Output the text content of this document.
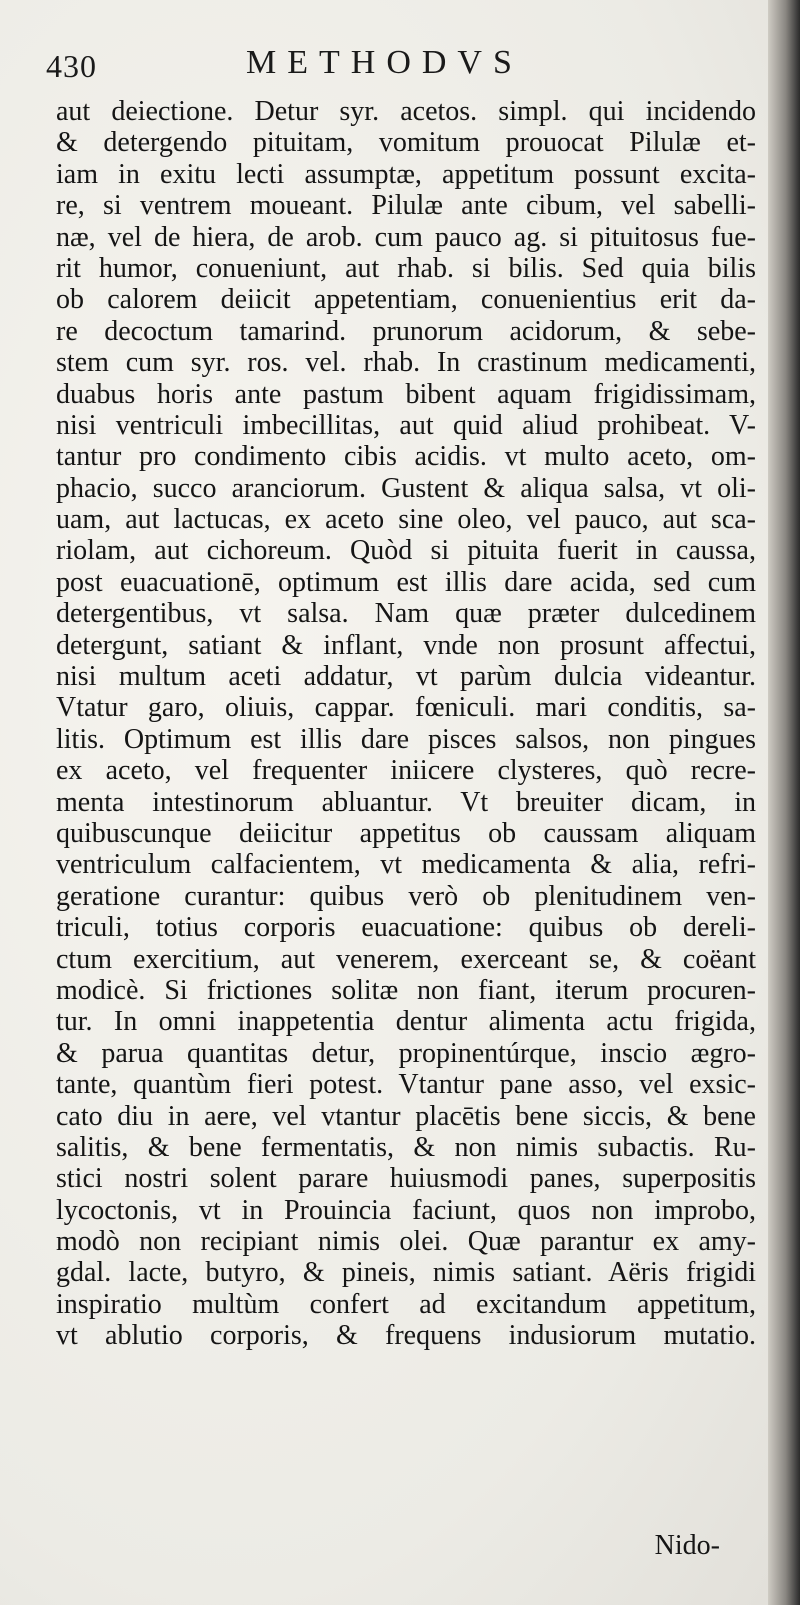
430	METHODVS
aut deiectione. Detur syr. acetos. simpl. qui incidendo
& detergendo pituitam, vomitum prouocat Pilulæ et-
iam in exitu lecti assumptæ, appetitum possunt excita-
re, si ventrem moueant. Pilulæ ante cibum, vel sabelli-
næ, vel de hiera, de arob. cum pauco ag. si pituitosus fue-
rit humor, conueniunt, aut rhab. si bilis. Sed quia bilis
ob calorem deiicit appetentiam, conuenientius erit da-
re decoctum tamarind. prunorum acidorum, & sebe-
stem cum syr. ros. vel. rhab. In crastinum medicamenti,
duabus horis ante pastum bibent aquam frigidissimam,
nisi ventriculi imbecillitas, aut quid aliud prohibeat. V-
tantur pro condimento cibis acidis. vt multo aceto, om-
phacio, succo aranciorum. Gustent & aliqua salsa, vt oli-
uam, aut lactucas, ex aceto sine oleo, vel pauco, aut sca-
riolam, aut cichoreum. Quòd si pituita fuerit in caussa,
post euacuationē, optimum est illis dare acida, sed cum
detergentibus, vt salsa. Nam quæ præter dulcedinem
detergunt, satiant & inflant, vnde non prosunt affectui,
nisi multum aceti addatur, vt parùm dulcia videantur.
Vtatur garo, oliuis, cappar. fœniculi. mari conditis, sa-
litis. Optimum est illis dare pisces salsos, non pingues
ex aceto, vel frequenter iniicere clysteres, quò recre-
menta intestinorum abluantur. Vt breuiter dicam, in
quibuscunque deiicitur appetitus ob caussam aliquam
ventriculum calfacientem, vt medicamenta & alia, refri-
geratione curantur: quibus verò ob plenitudinem ven-
triculi, totius corporis euacuatione: quibus ob dereli-
ctum exercitium, aut venerem, exerceant se, & coëant
modicè. Si frictiones solitæ non fiant, iterum procuren-
tur. In omni inappetentia dentur alimenta actu frigida,
& parua quantitas detur, propinentúrque, inscio ægro-
tante, quantùm fieri potest. Vtantur pane asso, vel exsic-
cato diu in aere, vel vtantur placētis bene siccis, & bene
salitis, & bene fermentatis, & non nimis subactis. Ru-
stici nostri solent parare huiusmodi panes, superpositis
lycoctonis, vt in Prouincia faciunt, quos non improbo,
modò non recipiant nimis olei. Quæ parantur ex amy-
gdal. lacte, butyro, & pineis, nimis satiant. Aëris frigidi
inspiratio multùm confert ad excitandum appetitum,
vt ablutio corporis, & frequens indusiorum mutatio.
Nido-
